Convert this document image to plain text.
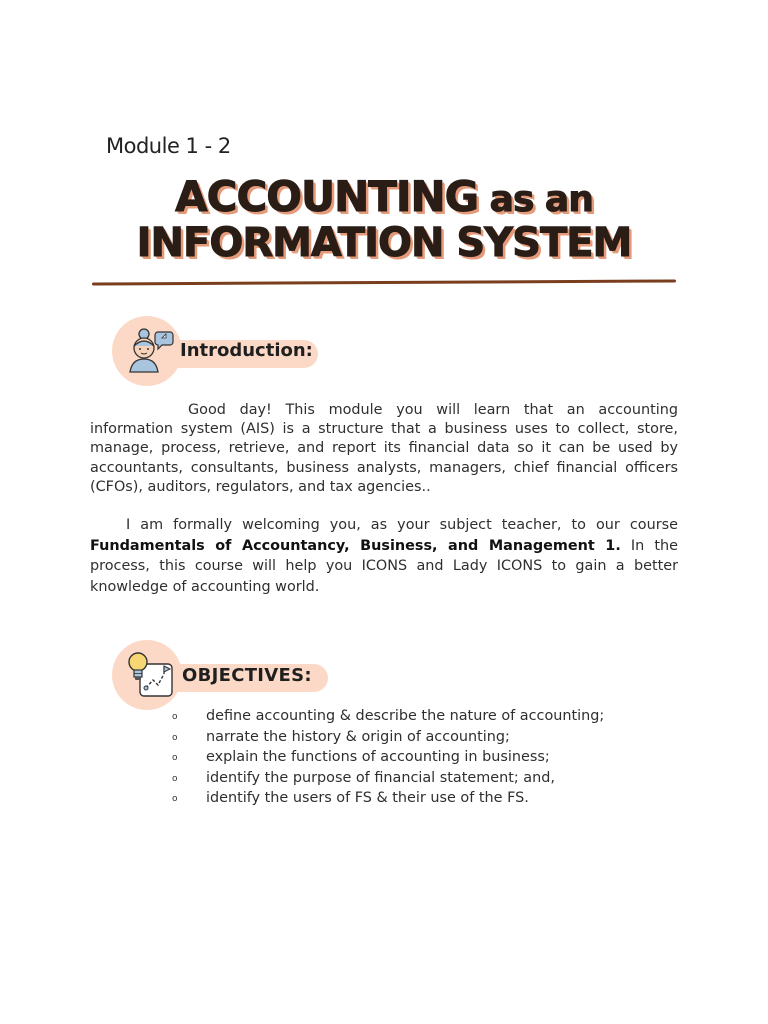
Module 1 - 2
ACCOUNTING as an
INFORMATION SYSTEM
Introduction:
Good day! This module you will learn that an accounting information system (AIS) is a structure that a business uses to collect, store, manage, process, retrieve, and report its financial data so it can be used by accountants, consultants, business analysts, managers, chief financial officers (CFOs), auditors, regulators, and tax agencies..
I am formally welcoming you, as your subject teacher, to our course Fundamentals of Accountancy, Business, and Management 1. In the process, this course will help you ICONS and Lady ICONS to gain a better knowledge of accounting world.
OBJECTIVES:
o define accounting & describe the nature of accounting;
o narrate the history & origin of accounting;
o explain the functions of accounting in business;
o identify the purpose of financial statement; and,
o identify the users of FS & their use of the FS.
